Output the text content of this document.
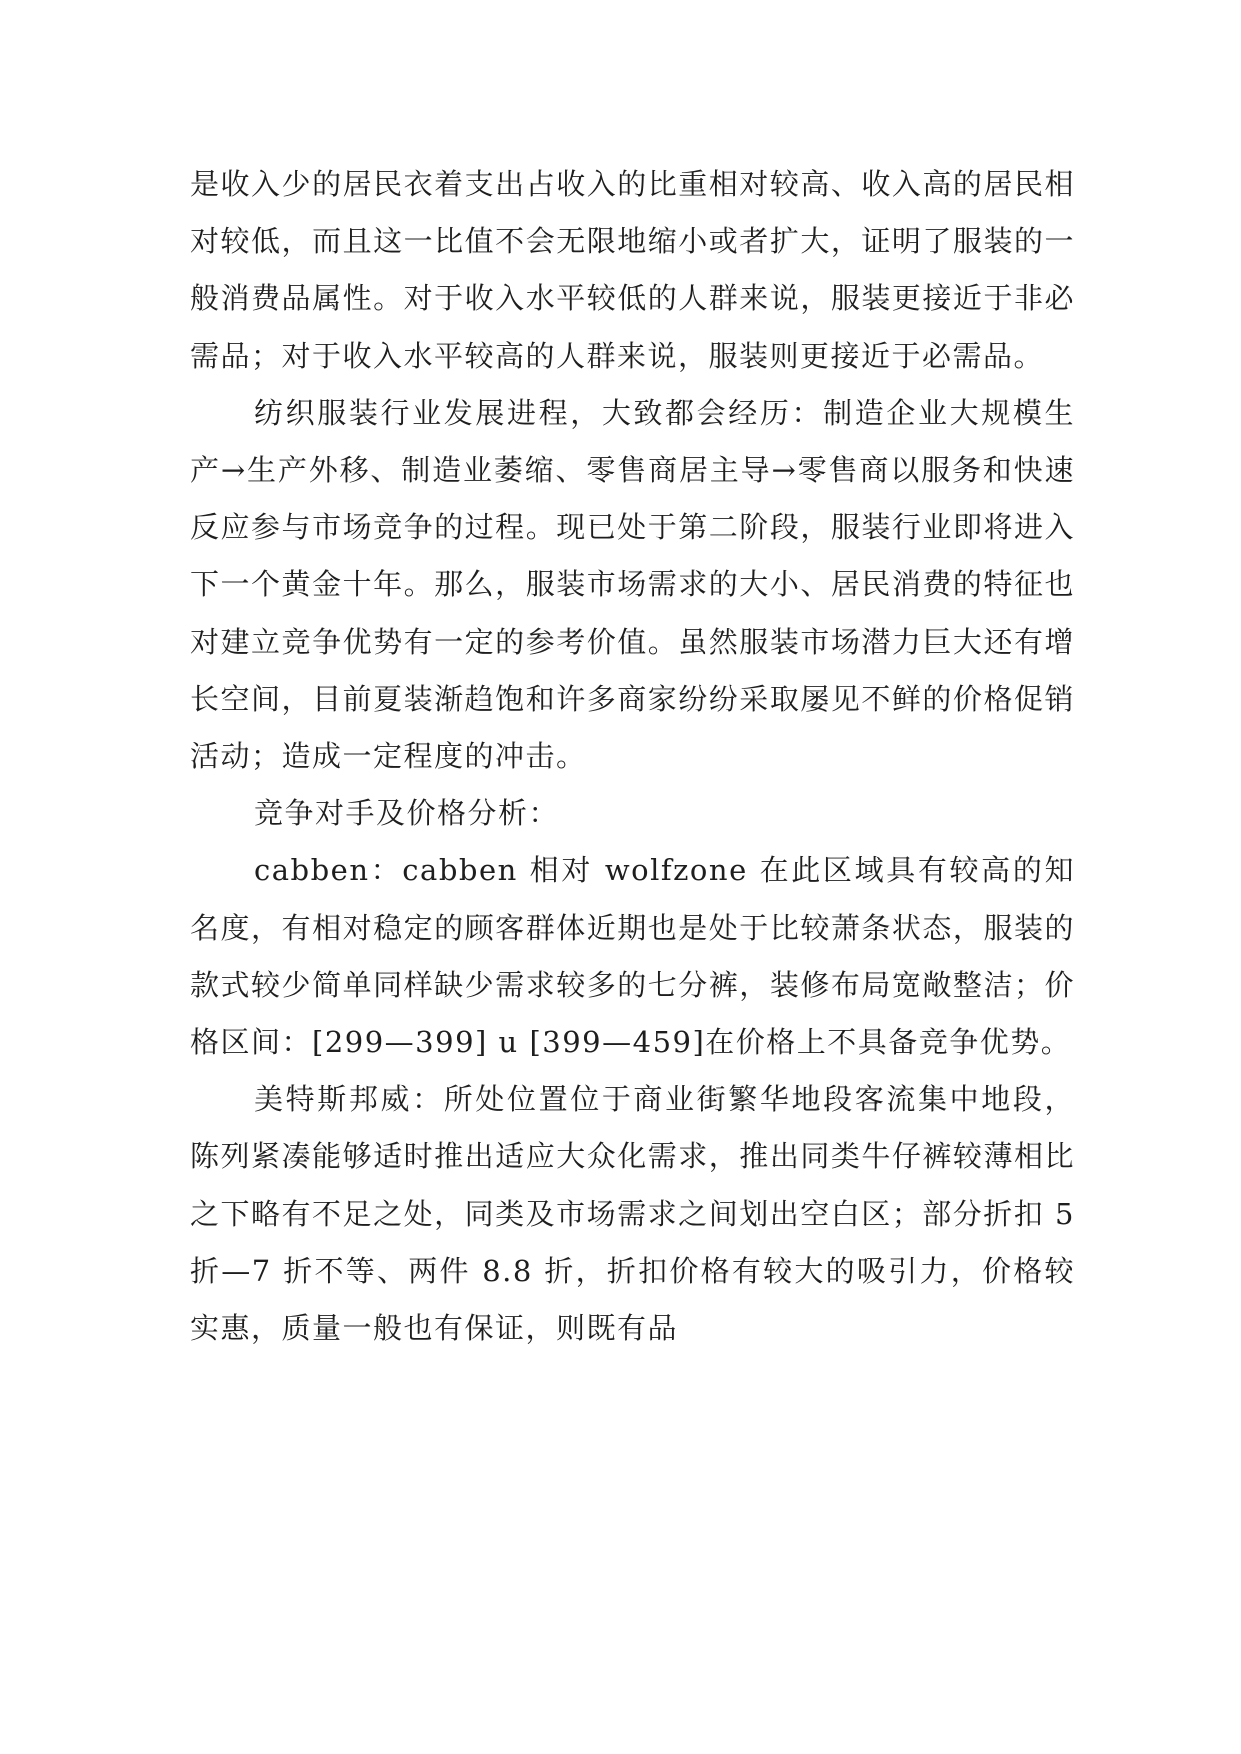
是收入少的居民衣着支出占收入的比重相对较高、收入高的居民相对较低，而且这一比值不会无限地缩小或者扩大，证明了服装的一般消费品属性。对于收入水平较低的人群来说，服装更接近于非必需品；对于收入水平较高的人群来说，服装则更接近于必需品。

纺织服装行业发展进程，大致都会经历：制造企业大规模生产→生产外移、制造业萎缩、零售商居主导→零售商以服务和快速反应参与市场竞争的过程。现已处于第二阶段，服装行业即将进入下一个黄金十年。那么，服装市场需求的大小、居民消费的特征也对建立竞争优势有一定的参考价值。虽然服装市场潜力巨大还有增长空间，目前夏装渐趋饱和许多商家纷纷采取屡见不鲜的价格促销活动；造成一定程度的冲击。

竞争对手及价格分析：

cabben：cabben 相对 wolfzone 在此区域具有较高的知名度，有相对稳定的顾客群体近期也是处于比较萧条状态，服装的款式较少简单同样缺少需求较多的七分裤，装修布局宽敞整洁；价格区间：[299—399] u [399—459]在价格上不具备竞争优势。

美特斯邦威：所处位置位于商业街繁华地段客流集中地段，陈列紧凑能够适时推出适应大众化需求，推出同类牛仔裤较薄相比之下略有不足之处，同类及市场需求之间划出空白区；部分折扣 5 折—7 折不等、两件 8.8 折，折扣价格有较大的吸引力，价格较实惠，质量一般也有保证，则既有品
